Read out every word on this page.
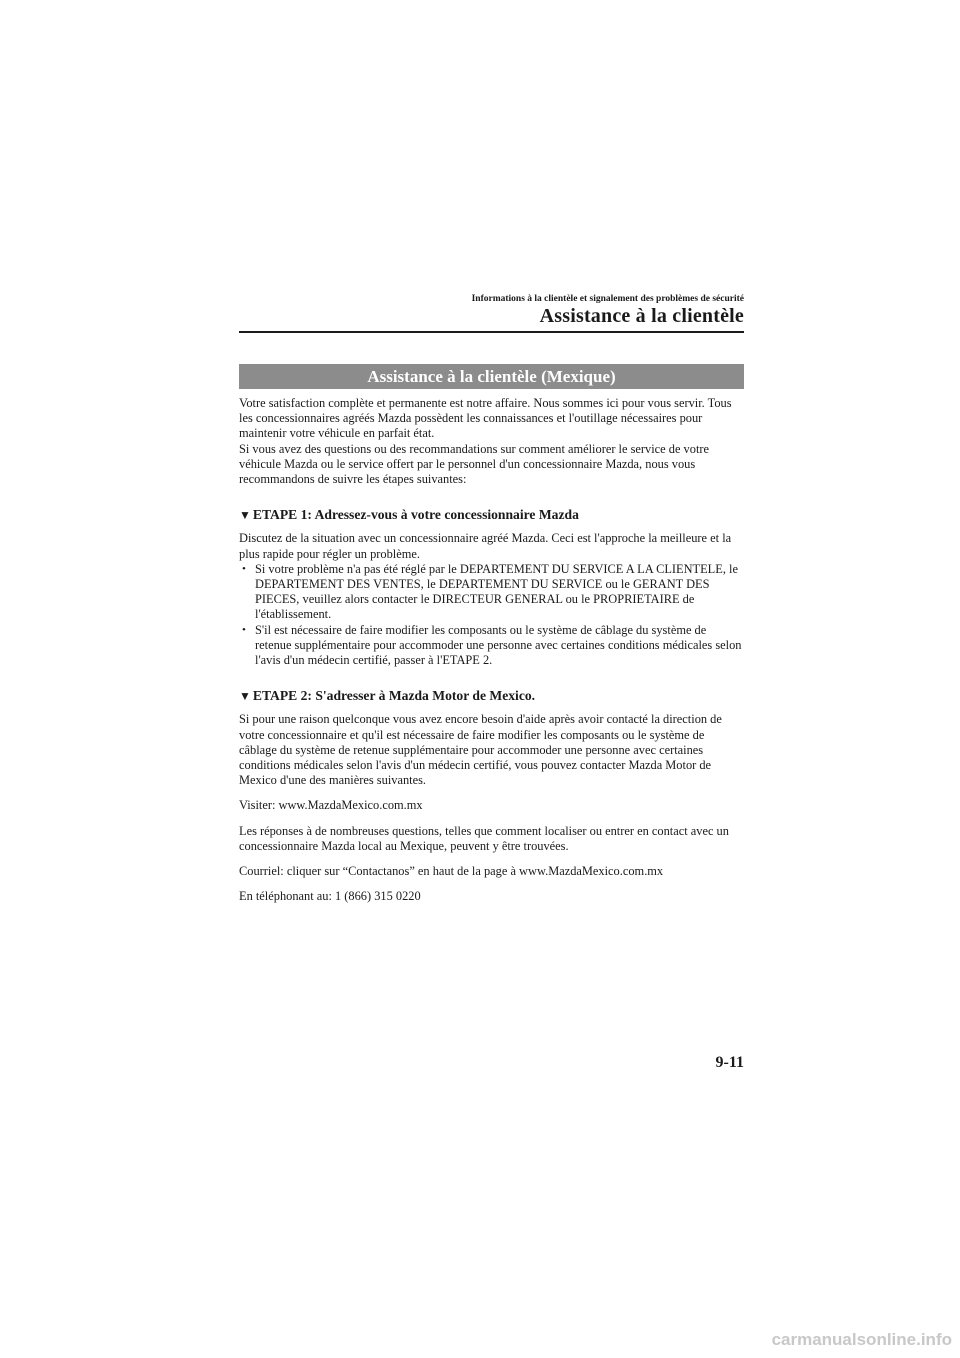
Informations à la clientèle et signalement des problèmes de sécurité
Assistance à la clientèle
Assistance à la clientèle (Mexique)

Votre satisfaction complète et permanente est notre affaire. Nous sommes ici pour vous servir. Tous les concessionnaires agréés Mazda possèdent les connaissances et l'outillage nécessaires pour maintenir votre véhicule en parfait état.

Si vous avez des questions ou des recommandations sur comment améliorer le service de votre véhicule Mazda ou le service offert par le personnel d'un concessionnaire Mazda, nous vous recommandons de suivre les étapes suivantes:

▼ ETAPE 1: Adressez-vous à votre concessionnaire Mazda

Discutez de la situation avec un concessionnaire agréé Mazda. Ceci est l'approche la meilleure et la plus rapide pour régler un problème.

• Si votre problème n'a pas été réglé par le DEPARTEMENT DU SERVICE A LA CLIENTELE, le DEPARTEMENT DES VENTES, le DEPARTEMENT DU SERVICE ou le GERANT DES PIECES, veuillez alors contacter le DIRECTEUR GENERAL ou le PROPRIETAIRE de l'établissement.
• S'il est nécessaire de faire modifier les composants ou le système de câblage du système de retenue supplémentaire pour accommoder une personne avec certaines conditions médicales selon l'avis d'un médecin certifié, passer à l'ETAPE 2.
▼ ETAPE 2: S'adresser à Mazda Motor de Mexico.

Si pour une raison quelconque vous avez encore besoin d'aide après avoir contacté la direction de votre concessionnaire et qu'il est nécessaire de faire modifier les composants ou le système de câblage du système de retenue supplémentaire pour accommoder une personne avec certaines conditions médicales selon l'avis d'un médecin certifié, vous pouvez contacter Mazda Motor de Mexico d'une des manières suivantes.

Visiter: www.MazdaMexico.com.mx

Les réponses à de nombreuses questions, telles que comment localiser ou entrer en contact avec un concessionnaire Mazda local au Mexique, peuvent y être trouvées.

Courriel: cliquer sur “Contactanos” en haut de la page à www.MazdaMexico.com.mx

En téléphonant au: 1 (866) 315 0220

9-11
carmanualsonline.info
